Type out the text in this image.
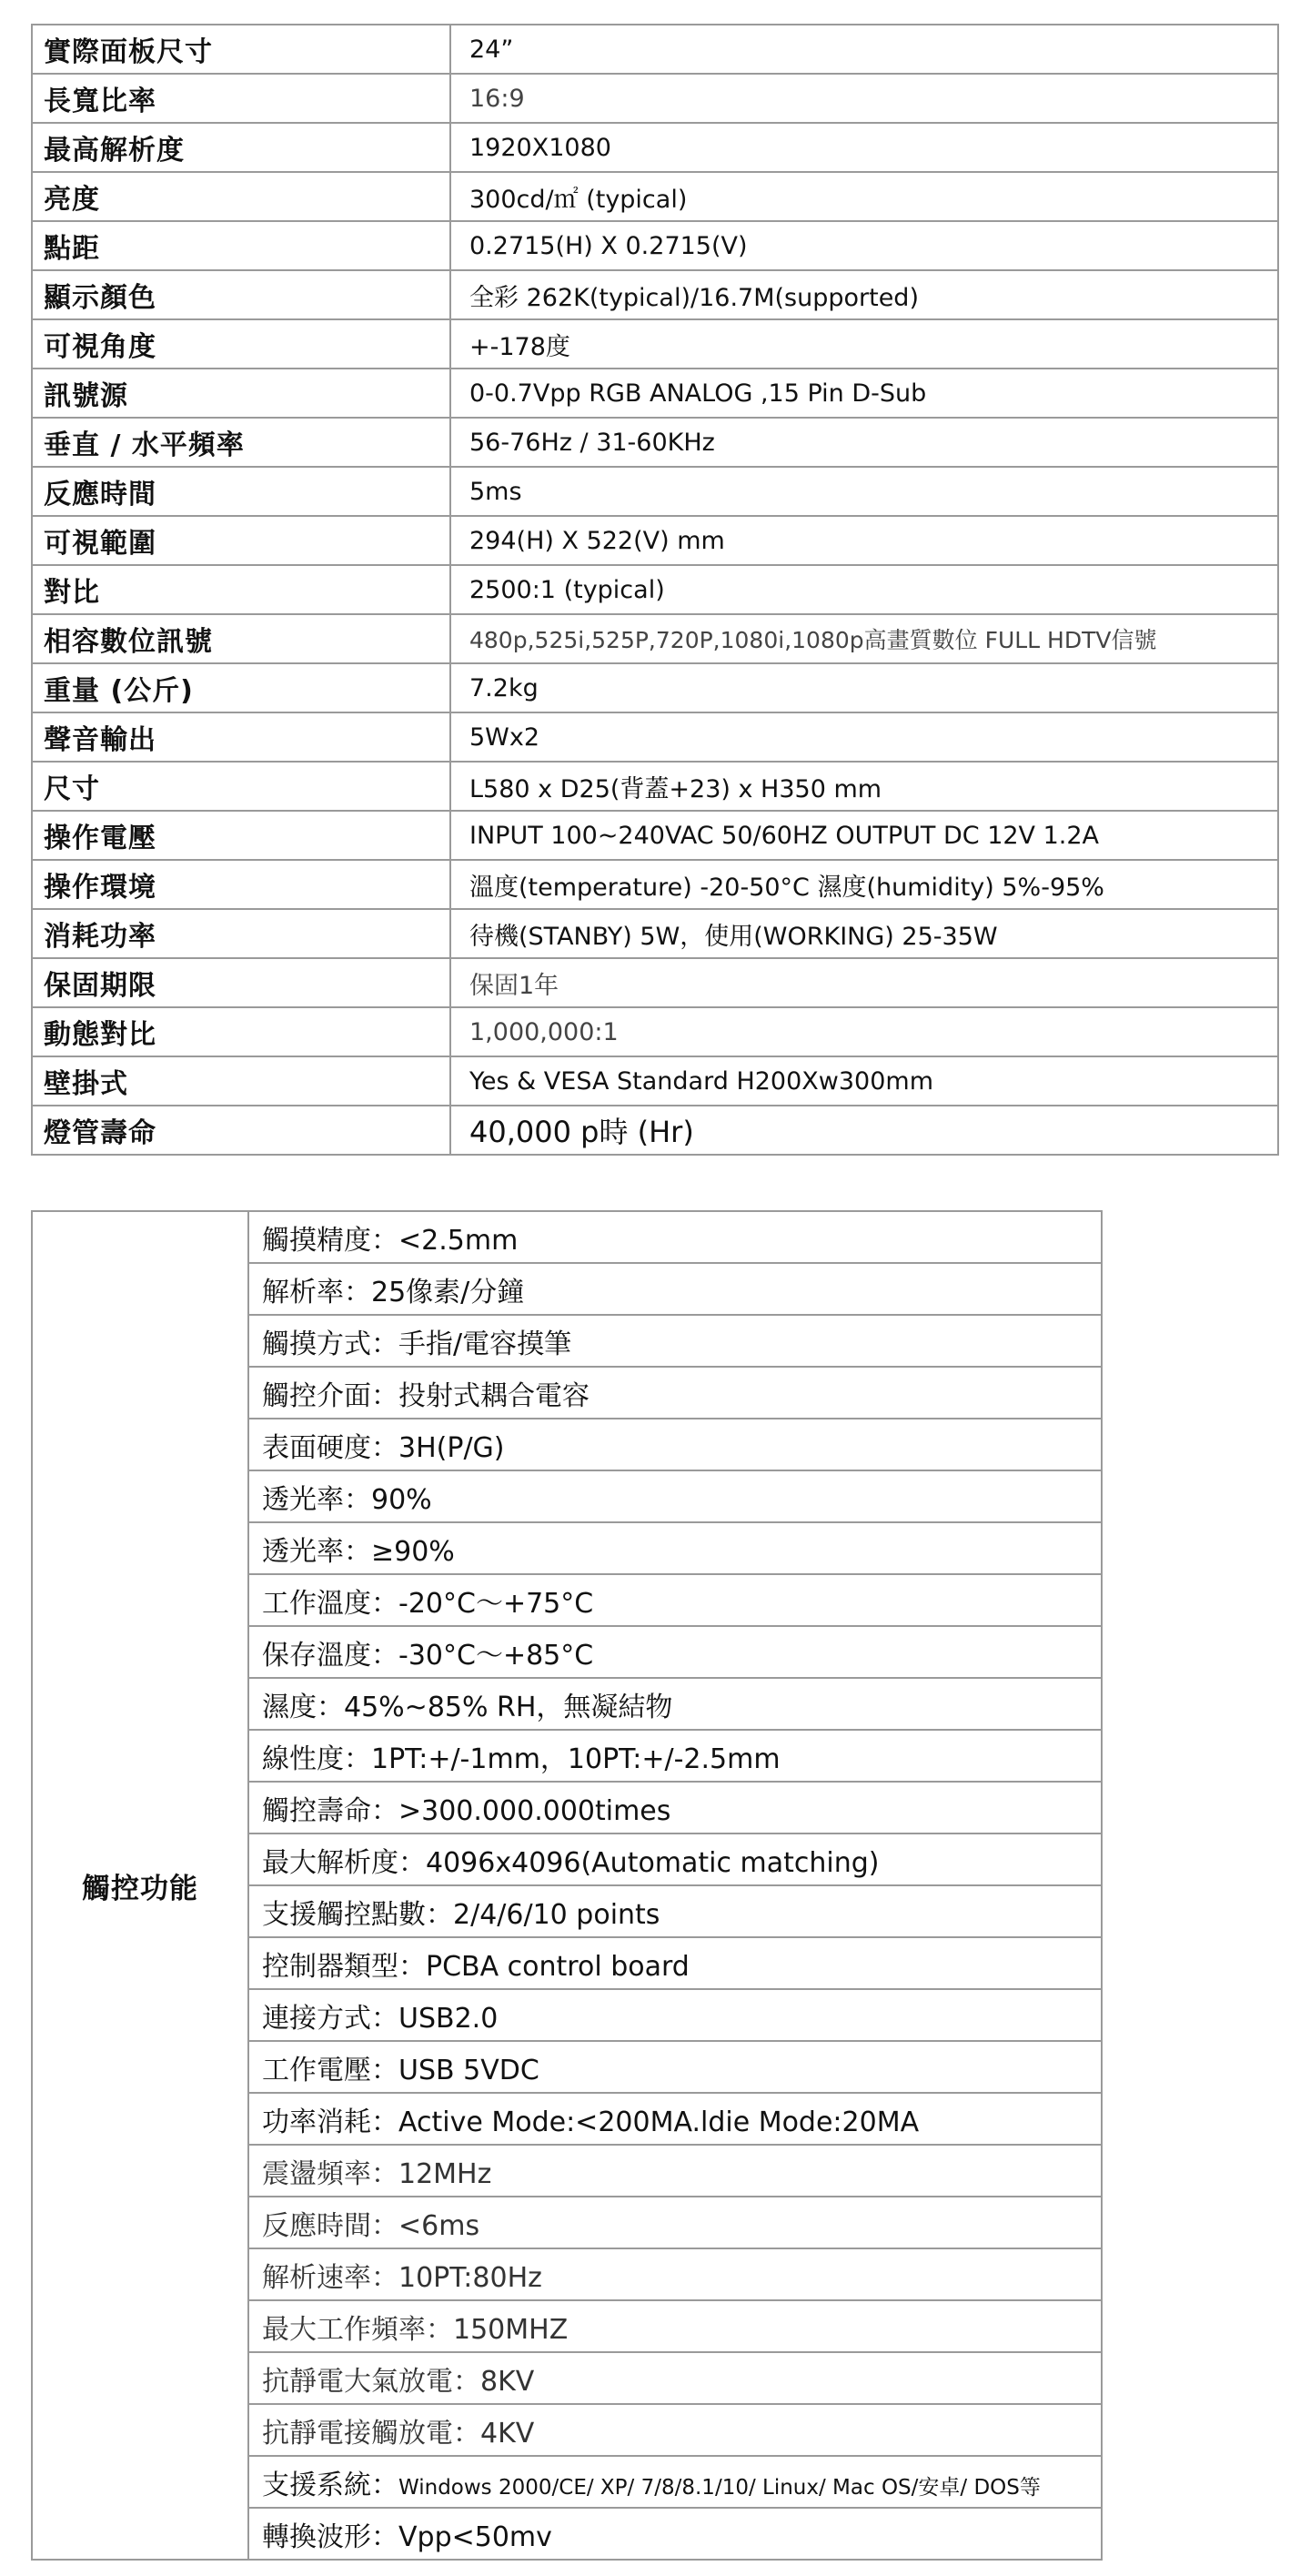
實際面板尺寸	24”
長寬比率	16:9
最高解析度	1920X1080
亮度	300cd/㎡ (typical)
點距	0.2715(H) X 0.2715(V)
顯示顏色	全彩 262K(typical)/16.7M(supported)
可視角度	+-178度
訊號源	0-0.7Vpp RGB ANALOG ,15 Pin D-Sub
垂直 / 水平頻率	56-76Hz / 31-60KHz
反應時間	5ms
可視範圍	294(H) X 522(V) mm
對比	2500:1 (typical)
相容數位訊號	480p,525i,525P,720P,1080i,1080p高畫質數位 FULL HDTV信號
重量 (公斤)	7.2kg
聲音輸出	5Wx2
尺寸	L580 x D25(背蓋+23) x H350 mm
操作電壓	INPUT 100~240VAC 50/60HZ OUTPUT DC 12V 1.2A
操作環境	溫度(temperature) -20-50°C 濕度(humidity) 5%-95%
消耗功率	待機(STANBY) 5W，使用(WORKING) 25-35W
保固期限	保固1年
動態對比	1,000,000:1
壁掛式	Yes & VESA Standard H200Xw300mm
燈管壽命	40,000 p時 (Hr)
觸控功能	觸摸精度：<2.5mm
解析率：25像素/分鐘
觸摸方式：手指/電容摸筆
觸控介面：投射式耦合電容
表面硬度：3H(P/G)
透光率：90%
透光率：≥90%
工作溫度：-20°C～+75°C
保存溫度：-30°C～+85°C
濕度：45%~85% RH，無凝結物
線性度：1PT:+/-1mm，10PT:+/-2.5mm
觸控壽命：>300.000.000times
最大解析度：4096x4096(Automatic matching)
支援觸控點數：2/4/6/10 points
控制器類型：PCBA control board
連接方式：USB2.0
工作電壓：USB 5VDC
功率消耗：Active Mode:<200MA.ldie Mode:20MA
震盪頻率：12MHz
反應時間：<6ms
解析速率：10PT:80Hz
最大工作頻率：150MHZ
抗靜電大氣放電：8KV
抗靜電接觸放電：4KV
支援系統：Windows 2000/CE/ XP/ 7/8/8.1/10/ Linux/ Mac OS/安卓/ DOS等
轉換波形：Vpp<50mv
